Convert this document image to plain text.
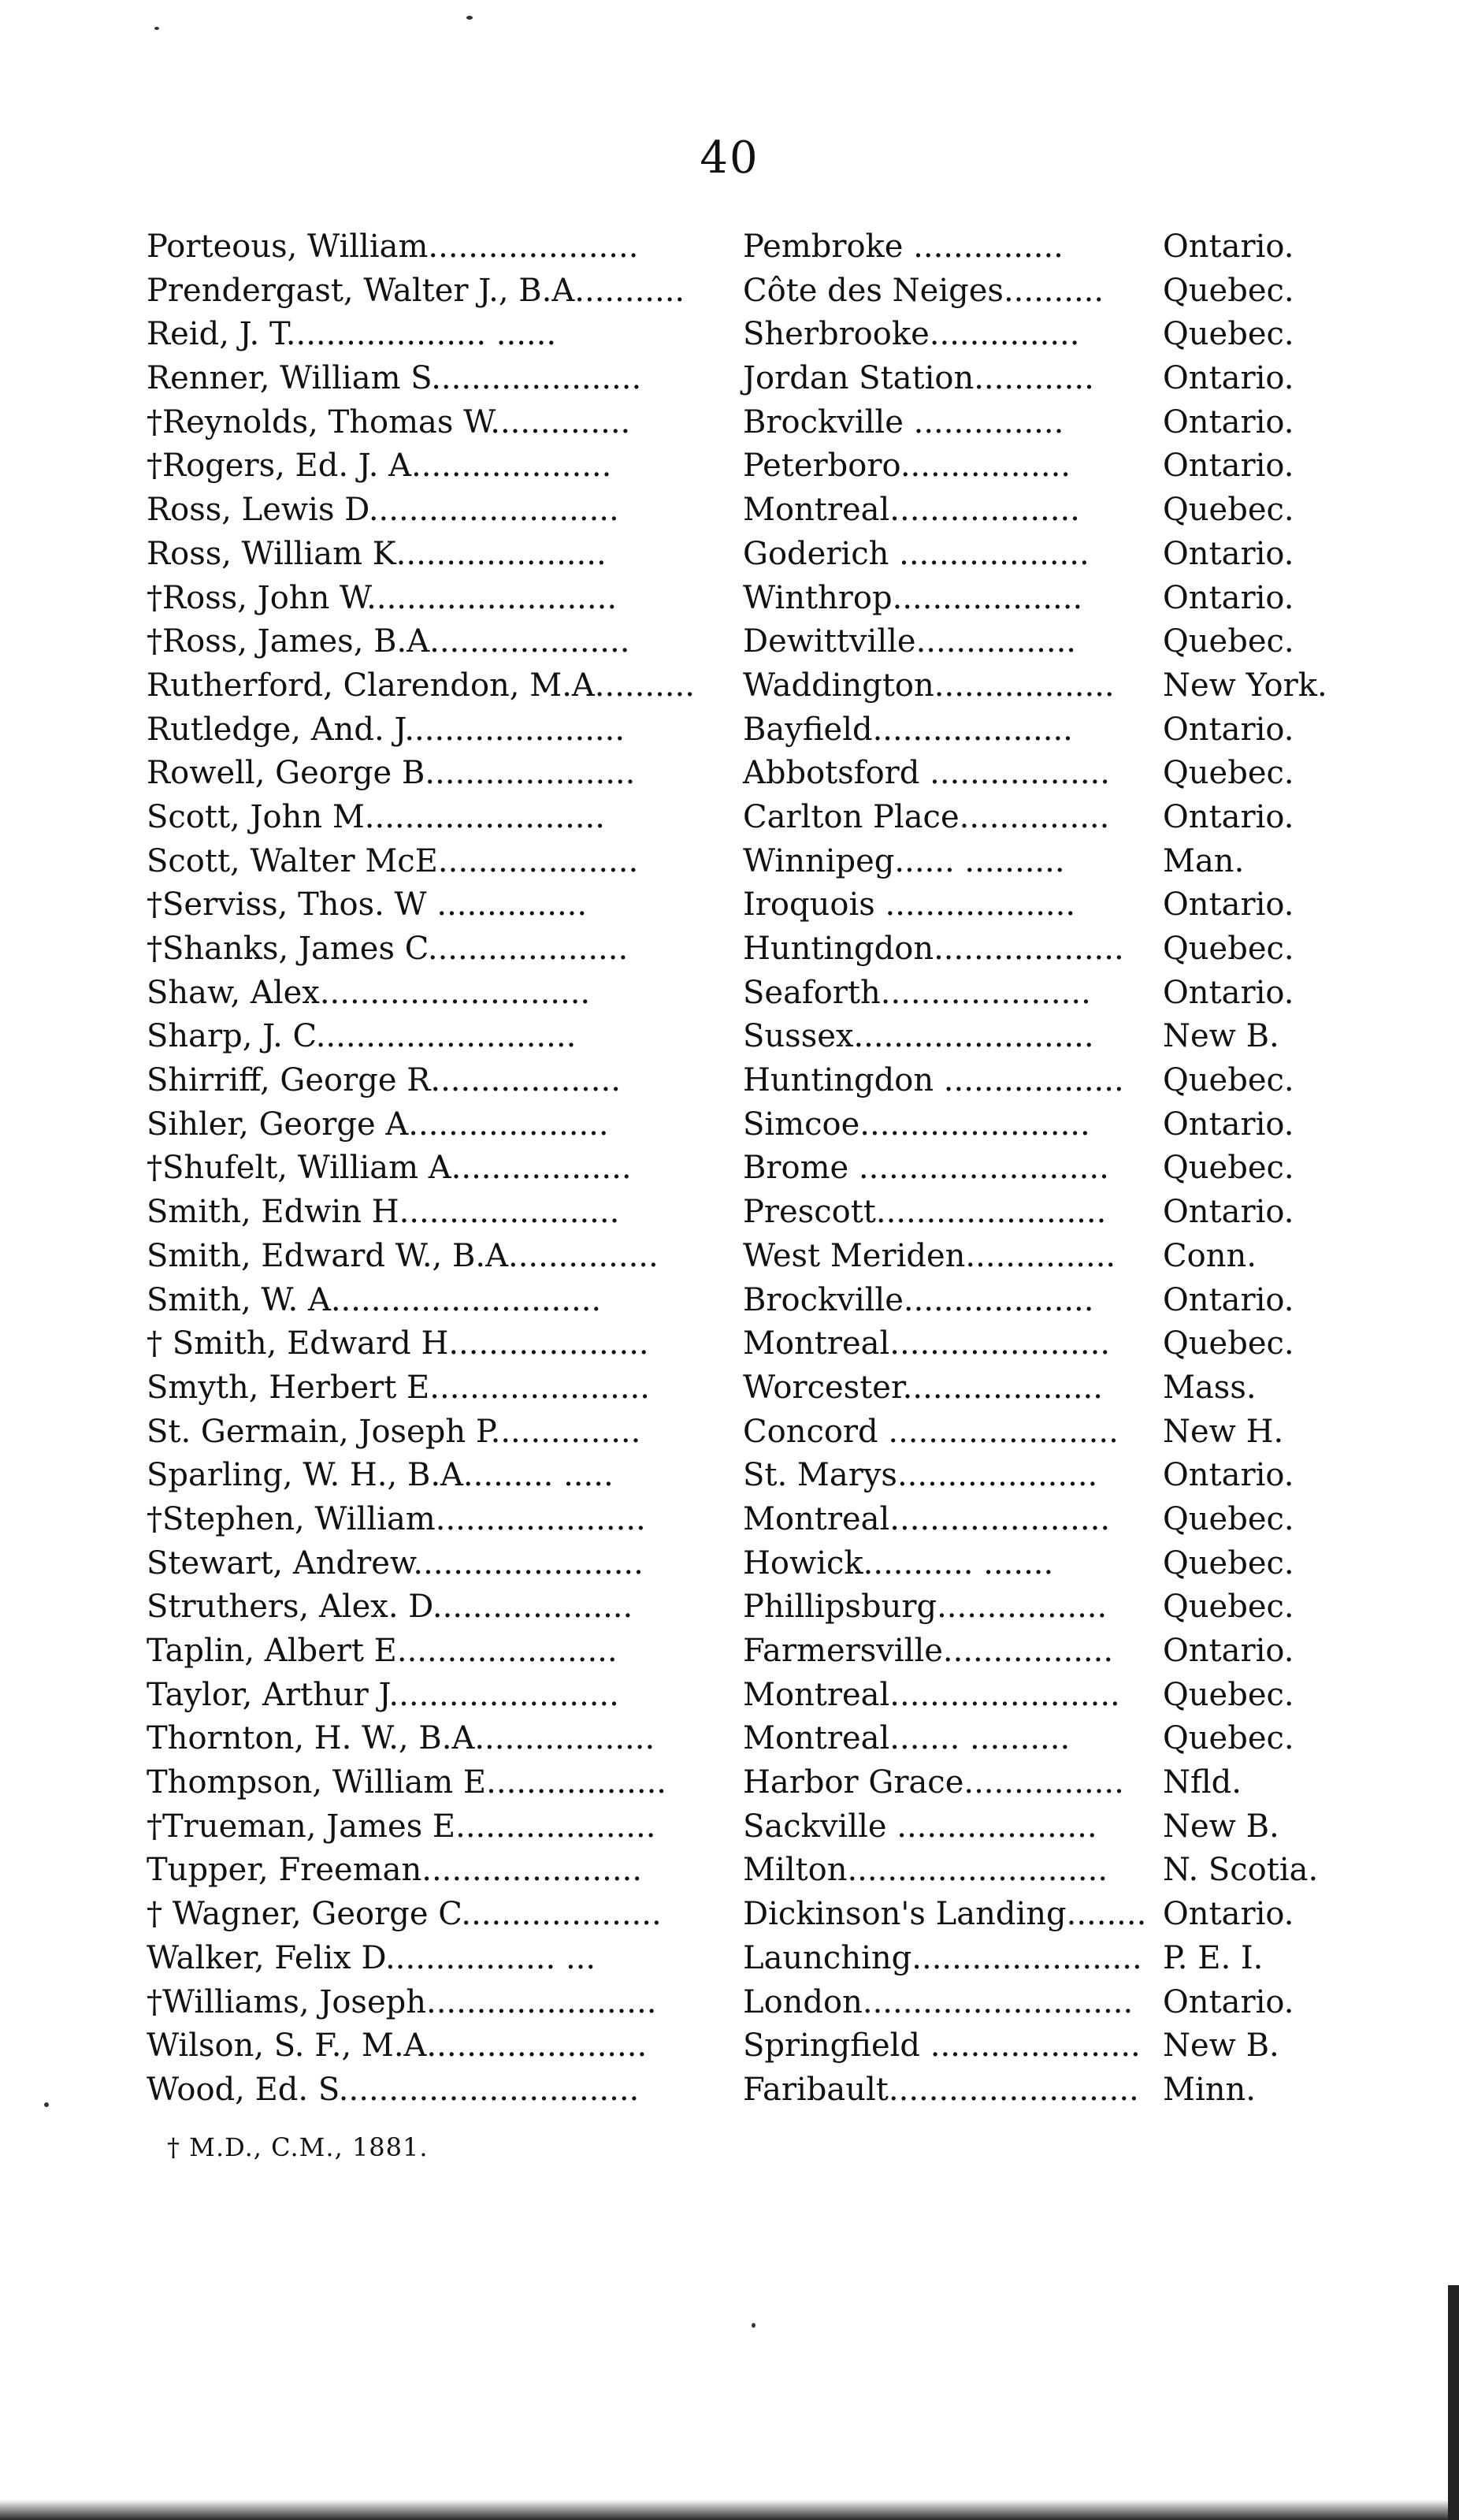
40
Porteous, William.....................	Pembroke ...............	Ontario.
Prendergast, Walter J., B.A........... Côte des Neiges.......... Quebec.
Reid, J. T.................... ......	Sherbrooke...............	Quebec.
Renner, William S.....................	Jordan Station............ Ontario.
†Reynolds, Thomas W..............	Brockville ...............	Ontario.
†Rogers, Ed. J. A....................	Peterboro.................	Ontario.
Ross, Lewis D.........................	Montreal...................	Quebec.
Ross, William K.....................	Goderich ................... Ontario.
†Ross, John W.........................	Winthrop...................	Ontario.
†Ross, James, B.A....................	Dewittville................	Quebec.
Rutherford, Clarendon, M.A.......... Waddington.................. New York.
Rutledge, And. J......................	Bayfield....................	Ontario.
Rowell, George B.....................	Abbotsford .................. Quebec.
Scott, John M........................	Carlton Place............... Ontario.
Scott, Walter McE....................	Winnipeg...... ..........	Man.
†Serviss, Thos. W ...............	Iroquois ...................	Ontario.
†Shanks, James C....................	Huntingdon................... Quebec.
Shaw, Alex...........................	Seaforth..................... Ontario.
Sharp, J. C..........................	Sussex........................ New B.
Shirriff, George R...................	Huntingdon .................. Quebec.
Sihler, George A....................	Simcoe....................... Ontario.
†Shufelt, William A..................	Brome ......................... Quebec.
Smith, Edwin H......................	Prescott....................... Ontario.
Smith, Edward W., B.A...............	West Meriden............... Conn.
Smith, W. A...........................	Brockville................... Ontario.
† Smith, Edward H....................	Montreal...................... Quebec.
Smyth, Herbert E......................	Worcester.................... Mass.
St. Germain, Joseph P...............	Concord ....................... New H.
Sparling, W. H., B.A......... .....	St. Marys.................... Ontario.
†Stephen, William.....................	Montreal...................... Quebec.
Stewart, Andrew.......................	Howick........... .......	Quebec.
Struthers, Alex. D....................	Phillipsburg................. Quebec.
Taplin, Albert E......................	Farmersville................. Ontario.
Taylor, Arthur J.......................	Montreal....................... Quebec.
Thornton, H. W., B.A..................	Montreal....... ..........	Quebec.
Thompson, William E.................. Harbor Grace................ Nfld.
†Trueman, James E....................	Sackville .................... New B.
Tupper, Freeman......................	Milton.......................... N. Scotia.
† Wagner, George C....................	Dickinson's Landing........ Ontario.
Walker, Felix D................. ...	Launching....................... P. E. I.
†Williams, Joseph.......................	London........................... Ontario.
Wilson, S. F., M.A......................	Springfield ..................... New B.
Wood, Ed. S..............................	Faribault......................... Minn.
† M.D., C.M., 1881.
